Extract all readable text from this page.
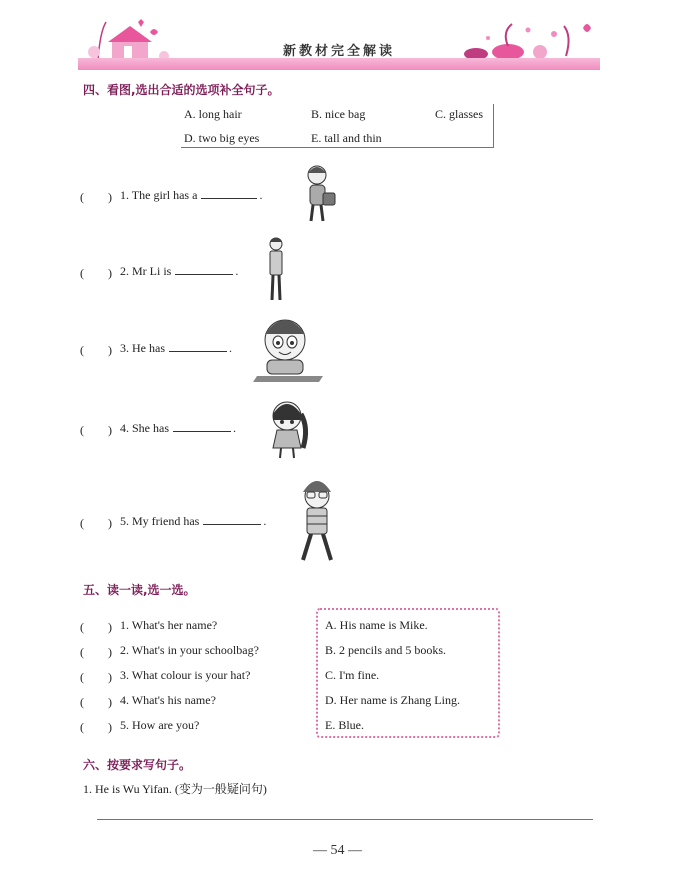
新教材完全解读
四、看图,选出合适的选项补全句子。
A. long hair	B. nice bag	C. glasses
D. two big eyes	E. tall and thin
(　　) 1. The girl has a	.
(　　) 2. Mr Li is	.
(　　) 3. He has	.
(　　) 4. She has	.
(　　) 5. My friend has	.
五、读一读,选一选。
(　　) 1. What's her name?
(　　) 2. What's in your schoolbag?
(　　) 3. What colour is your hat?
(　　) 4. What's his name?
(　　) 5. How are you?
A. His name is Mike.
B. 2 pencils and 5 books.
C. I'm fine.
D. Her name is Zhang Ling.
E. Blue.
六、按要求写句子。
1. He is Wu Yifan. (变为一般疑问句)
— 54 —
